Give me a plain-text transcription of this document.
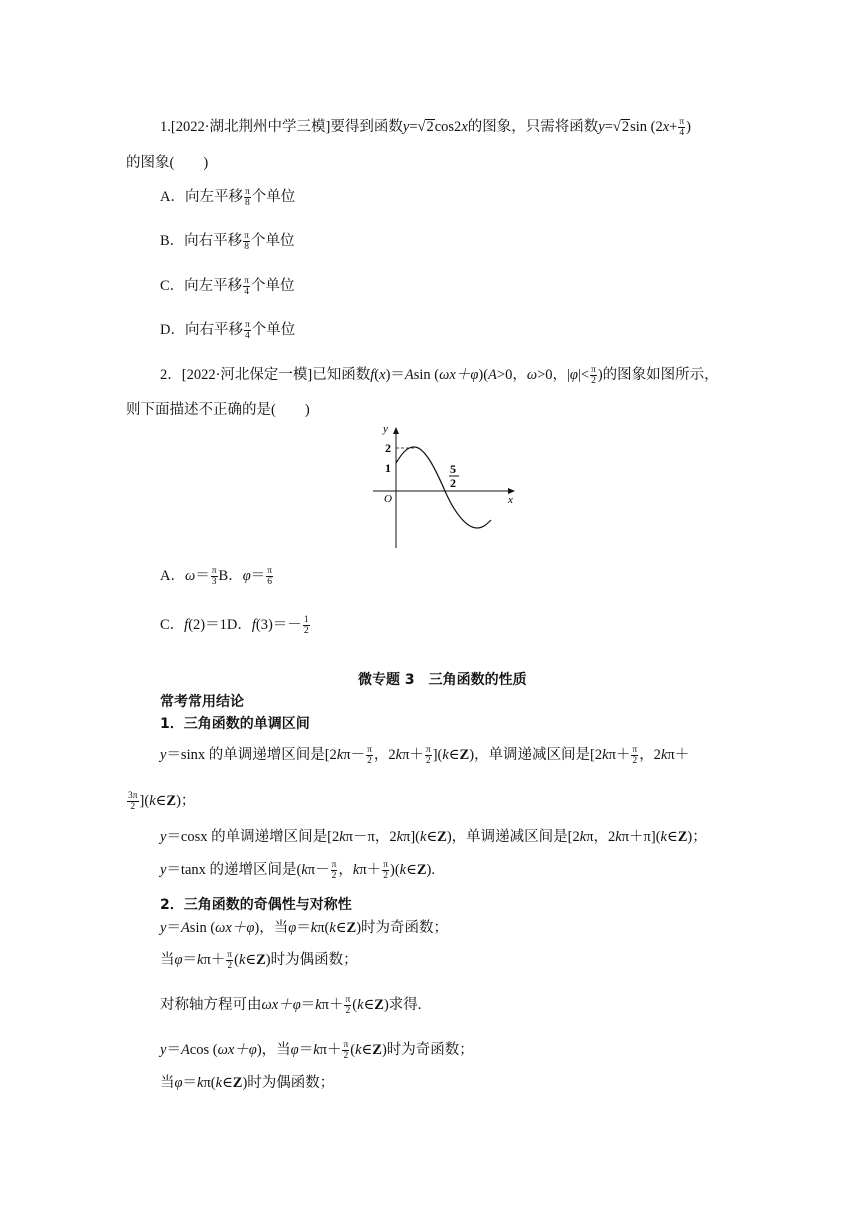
1.[2022·湖北荆州中学三模]要得到函数y=√2cos2x的图象，只需将函数y=√2sin ($2x+ \frac{\pi}{4}$ )
的图象(　　)
A．向左平移 $\frac{\pi}{8}$ 个单位
B．向右平移 $\frac{\pi}{8}$ 个单位
C．向左平移 $\frac{\pi}{4}$ 个单位
D．向右平移 $\frac{\pi}{4}$ 个单位
2．[2022·河北保定一模]已知函数f(x)＝Asin (ωx＋φ)(A>0，ω>0，$|\varphi|< \frac{\pi}{2}$ )的图象如图所示，
则下面描述不正确的是(　　)
y
x
O
2
1	5
2
A．$\omega= \frac{\pi}{3}$ B．$\varphi= \frac{\pi}{6}$
C．f(2)＝1D．$f(3)=- \frac{1}{2}$
微专题 3　三角函数的性质
常考常用结论
1．三角函数的单调区间
y＝sinx 的单调递增区间是[$2k\pi- \frac{\pi}{2}$ ，$2k\pi+ \frac{\pi}{2}$ ](k∈Z)，单调递减区间是[$2k\pi+ \frac{\pi}{2}$ ，2kπ＋
$\frac{3\pi}{2}$ ](k∈Z)；
y＝cosx 的单调递增区间是[2kπ－π，2kπ](k∈Z)，单调递减区间是[2kπ，2kπ＋π](k∈Z)；
y＝tanx 的递增区间是($k\pi- \frac{\pi}{2}$ ，$k\pi+ \frac{\pi}{2}$ )(k∈Z).
2．三角函数的奇偶性与对称性
y＝Asin (ωx＋φ)，当φ＝kπ(k∈Z)时为奇函数；
当$\varphi=k\pi+ \frac{\pi}{2}$ (k∈Z)时为偶函数；
对称轴方程可由$\omega x+\varphi=k\pi+ \frac{\pi}{2}$ (k∈Z)求得.
y＝Acos (ωx＋φ)，当$\varphi=k\pi+ \frac{\pi}{2}$ (k∈Z)时为奇函数；
当φ＝kπ(k∈Z)时为偶函数；
